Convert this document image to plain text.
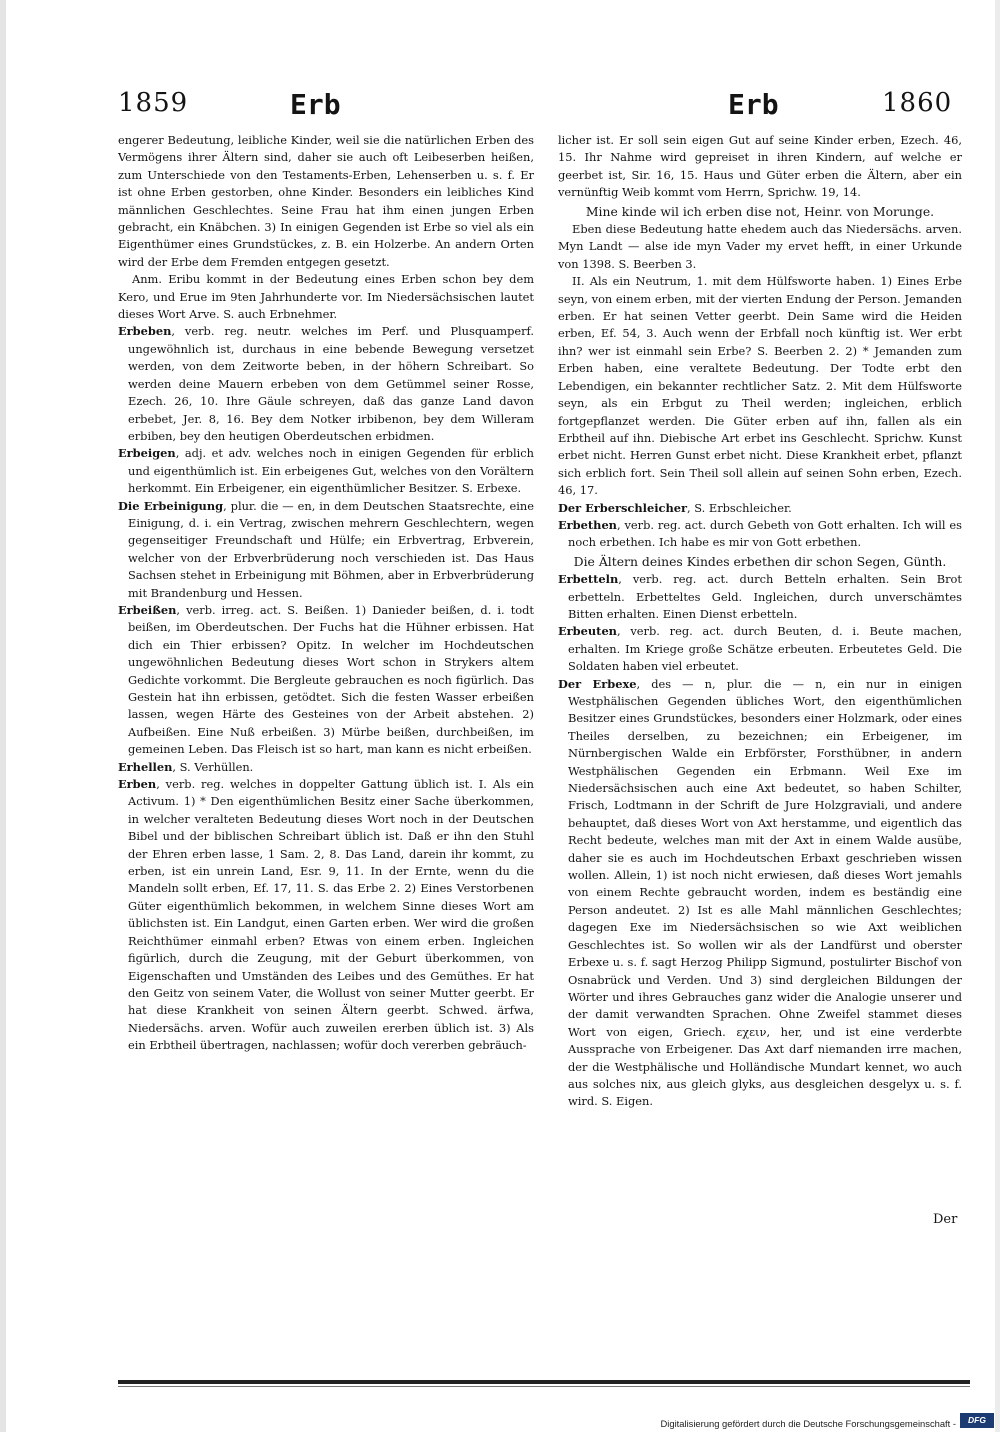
1859	Erb	Erb	1860

engerer Bedeutung, leibliche Kinder, weil sie die natürlichen Erben des Vermögens ihrer Ältern sind, daher sie auch oft Leibeserben heißen, zum Unterschiede von den Testaments-Erben, Lehenserben u. s. f. Er ist ohne Erben gestorben, ohne Kinder. Besonders ein leibliches Kind männlichen Geschlechtes. Seine Frau hat ihm einen jungen Erben gebracht, ein Knäbchen. 3) In einigen Gegenden ist Erbe so viel als ein Eigenthümer eines Grundstückes, z. B. ein Holzerbe. An andern Orten wird der Erbe dem Fremden entgegen gesetzt.

Anm. Eribu kommt in der Bedeutung eines Erben schon bey dem Kero, und Erue im 9ten Jahrhunderte vor. Im Niedersächsischen lautet dieses Wort Arve. S. auch Erbnehmer.

Erbeben, verb. reg. neutr. welches im Perf. und Plusquamperf. ungewöhnlich ist, durchaus in eine bebende Bewegung versetzet werden, von dem Zeitworte beben, in der höhern Schreibart. So werden deine Mauern erbeben von dem Getümmel seiner Rosse, Ezech. 26, 10. Ihre Gäule schreyen, daß das ganze Land davon erbebet, Jer. 8, 16. Bey dem Notker irbibenon, bey dem Willeram erbiben, bey den heutigen Oberdeutschen erbidmen.

Erbeigen, adj. et adv. welches noch in einigen Gegenden für erblich und eigenthümlich ist. Ein erbeigenes Gut, welches von den Vorältern herkommt. Ein Erbeigener, ein eigenthümlicher Besitzer. S. Erbexe.

Die Erbeinigung, plur. die — en, in dem Deutschen Staatsrechte, eine Einigung, d. i. ein Vertrag, zwischen mehrern Geschlechtern, wegen gegenseitiger Freundschaft und Hülfe; ein Erbvertrag, Erbverein, welcher von der Erbverbrüderung noch verschieden ist. Das Haus Sachsen stehet in Erbeinigung mit Böhmen, aber in Erbverbrüderung mit Brandenburg und Hessen.

Erbeißen, verb. irreg. act. S. Beißen. 1) Danieder beißen, d. i. todt beißen, im Oberdeutschen. Der Fuchs hat die Hühner erbissen. Hat dich ein Thier erbissen? Opitz. In welcher im Hochdeutschen ungewöhnlichen Bedeutung dieses Wort schon in Strykers altem Gedichte vorkommt. Die Bergleute gebrauchen es noch figürlich. Das Gestein hat ihn erbissen, getödtet. Sich die festen Wasser erbeißen lassen, wegen Härte des Gesteines von der Arbeit abstehen. 2) Aufbeißen. Eine Nuß erbeißen. 3) Mürbe beißen, durchbeißen, im gemeinen Leben. Das Fleisch ist so hart, man kann es nicht erbeißen.

Erhellen, S. Verhüllen.

Erben, verb. reg. welches in doppelter Gattung üblich ist. I. Als ein Activum. 1) * Den eigenthümlichen Besitz einer Sache überkommen, in welcher veralteten Bedeutung dieses Wort noch in der Deutschen Bibel und der biblischen Schreibart üblich ist. Daß er ihn den Stuhl der Ehren erben lasse, 1 Sam. 2, 8. Das Land, darein ihr kommt, zu erben, ist ein unrein Land, Esr. 9, 11. In der Ernte, wenn du die Mandeln sollt erben, Ef. 17, 11. S. das Erbe 2. 2) Eines Verstorbenen Güter eigenthümlich bekommen, in welchem Sinne dieses Wort am üblichsten ist. Ein Landgut, einen Garten erben. Wer wird die großen Reichthümer einmahl erben? Etwas von einem erben. Ingleichen figürlich, durch die Zeugung, mit der Geburt überkommen, von Eigenschaften und Umständen des Leibes und des Gemüthes. Er hat den Geitz von seinem Vater, die Wollust von seiner Mutter geerbt. Er hat diese Krankheit von seinen Ältern geerbt. Schwed. ärfwa, Niedersächs. arven. Wofür auch zuweilen ererben üblich ist. 3) Als ein Erbtheil übertragen, nachlassen; wofür doch vererben gebräuch-

licher ist. Er soll sein eigen Gut auf seine Kinder erben, Ezech. 46, 15. Ihr Nahme wird gepreiset in ihren Kindern, auf welche er geerbet ist, Sir. 16, 15. Haus und Güter erben die Ältern, aber ein vernünftig Weib kommt vom Herrn, Sprichw. 19, 14.

Mine kinde wil ich erben dise not, Heinr. von Morunge.

Eben diese Bedeutung hatte ehedem auch das Niedersächs. arven. Myn Landt — alse ide myn Vader my ervet hefft, in einer Urkunde von 1398. S. Beerben 3.

II. Als ein Neutrum, 1. mit dem Hülfsworte haben. 1) Eines Erbe seyn, von einem erben, mit der vierten Endung der Person. Jemanden erben. Er hat seinen Vetter geerbt. Dein Same wird die Heiden erben, Ef. 54, 3. Auch wenn der Erbfall noch künftig ist. Wer erbt ihn? wer ist einmahl sein Erbe? S. Beerben 2. 2) * Jemanden zum Erben haben, eine veraltete Bedeutung. Der Todte erbt den Lebendigen, ein bekannter rechtlicher Satz. 2. Mit dem Hülfsworte seyn, als ein Erbgut zu Theil werden; ingleichen, erblich fortgepflanzet werden. Die Güter erben auf ihn, fallen als ein Erbtheil auf ihn. Diebische Art erbet ins Geschlecht. Sprichw. Kunst erbet nicht. Herren Gunst erbet nicht. Diese Krankheit erbet, pflanzt sich erblich fort. Sein Theil soll allein auf seinen Sohn erben, Ezech. 46, 17.

Der Erberschleicher, S. Erbschleicher.

Erbethen, verb. reg. act. durch Gebeth von Gott erhalten. Ich will es noch erbethen. Ich habe es mir von Gott erbethen.

Die Ältern deines Kindes erbethen dir schon Segen, Günth.

Erbetteln, verb. reg. act. durch Betteln erhalten. Sein Brot erbetteln. Erbetteltes Geld. Ingleichen, durch unverschämtes Bitten erhalten. Einen Dienst erbetteln.

Erbeuten, verb. reg. act. durch Beuten, d. i. Beute machen, erhalten. Im Kriege große Schätze erbeuten. Erbeutetes Geld. Die Soldaten haben viel erbeutet.

Der Erbexe, des — n, plur. die — n, ein nur in einigen Westphälischen Gegenden übliches Wort, den eigenthümlichen Besitzer eines Grundstückes, besonders einer Holzmark, oder eines Theiles derselben, zu bezeichnen; ein Erbeigener, im Nürnbergischen Walde ein Erbförster, Forsthübner, in andern Westphälischen Gegenden ein Erbmann. Weil Exe im Niedersächsischen auch eine Axt bedeutet, so haben Schilter, Frisch, Lodtmann in der Schrift de Jure Holzgraviali, und andere behauptet, daß dieses Wort von Axt herstamme, und eigentlich das Recht bedeute, welches man mit der Axt in einem Walde ausübe, daher sie es auch im Hochdeutschen Erbaxt geschrieben wissen wollen. Allein, 1) ist noch nicht erwiesen, daß dieses Wort jemahls von einem Rechte gebraucht worden, indem es beständig eine Person andeutet. 2) Ist es alle Mahl männlichen Geschlechtes; dagegen Exe im Niedersächsischen so wie Axt weiblichen Geschlechtes ist. So wollen wir als der Landfürst und oberster Erbexe u. s. f. sagt Herzog Philipp Sigmund, postulirter Bischof von Osnabrück und Verden. Und 3) sind dergleichen Bildungen der Wörter und ihres Gebrauches ganz wider die Analogie unserer und der damit verwandten Sprachen. Ohne Zweifel stammet dieses Wort von eigen, Griech. εχειν, her, und ist eine verderbte Aussprache von Erbeigener. Das Axt darf niemanden irre machen, der die Westphälische und Holländische Mundart kennet, wo auch aus solches nix, aus gleich glyks, aus desgleichen desgelyx u. s. f. wird. S. Eigen.

Der
Digitalisierung gefördert durch die Deutsche Forschungsgemeinschaft -	DFG
